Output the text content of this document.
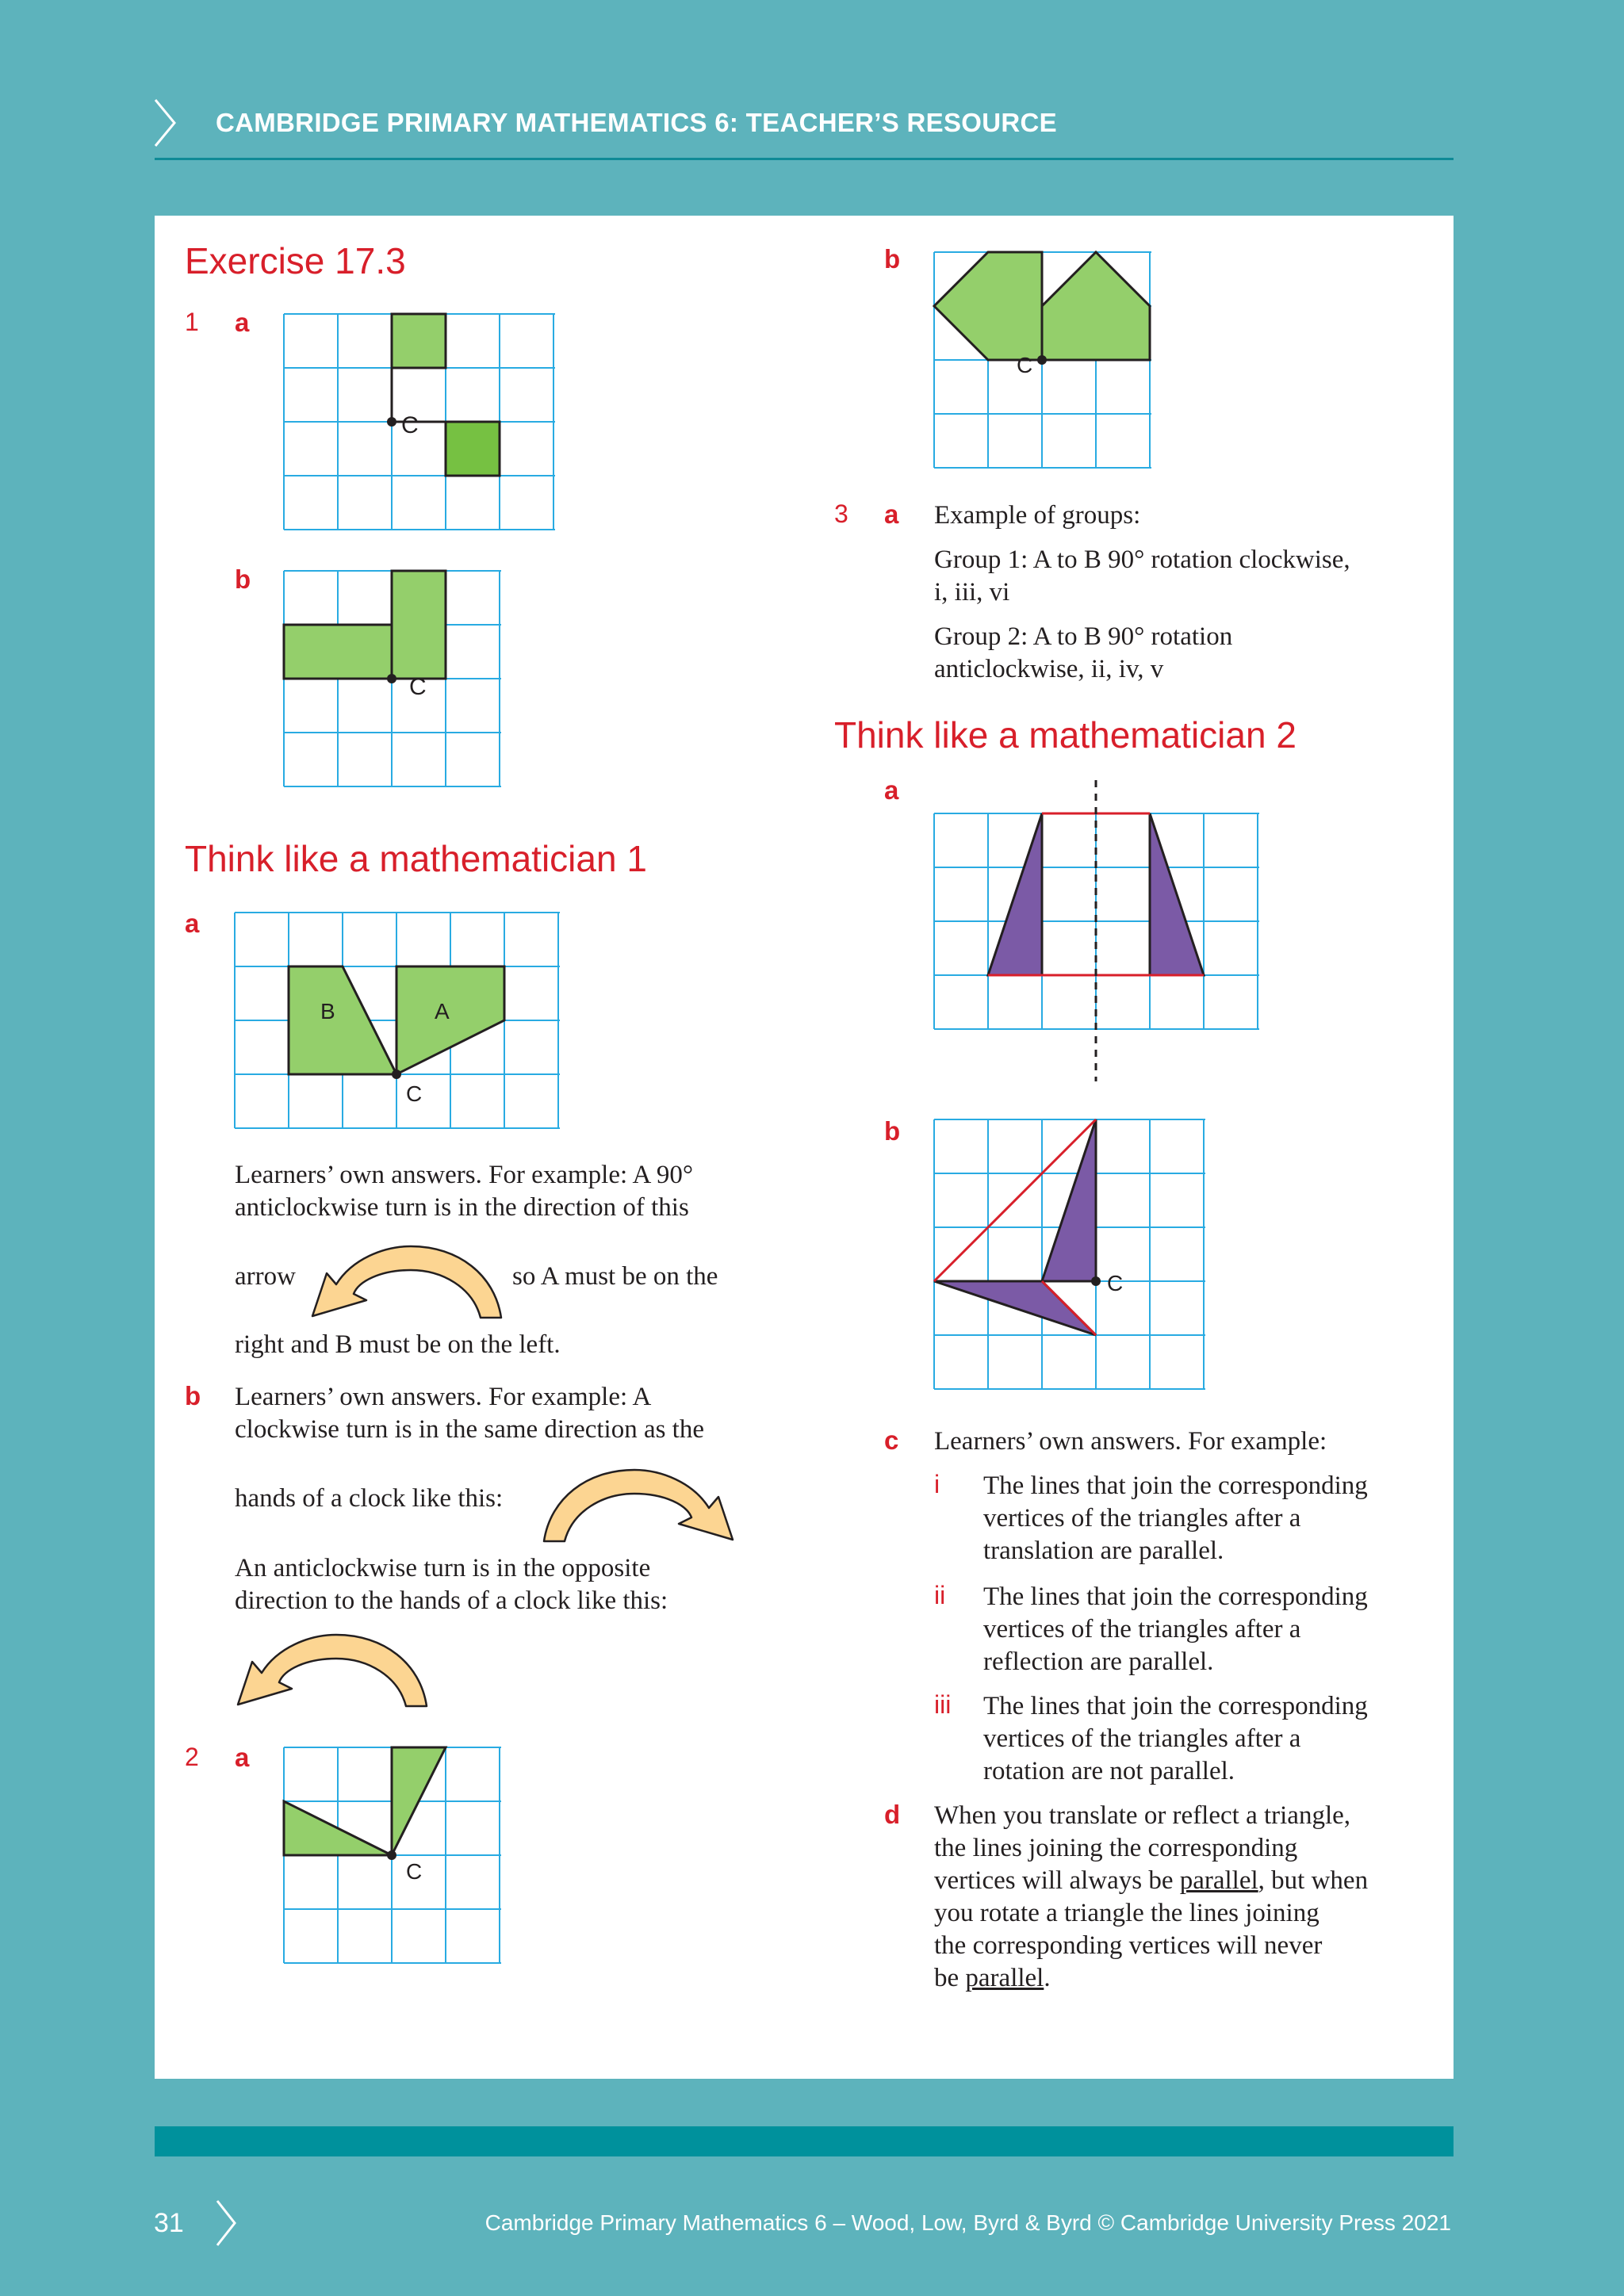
CAMBRIDGE PRIMARY MATHEMATICS 6: TEACHER’S RESOURCE
Exercise 17.3
1 a
C
b
C
Think like a mathematician 1
a
B	A
C
Learners’ own answers. For example: A 90°
anticlockwise turn is in the direction of this
arrow	so A must be on the
right and B must be on the left.
b Learners’ own answers. For example: A
clockwise turn is in the same direction as the
hands of a clock like this:
An anticlockwise turn is in the opposite
direction to the hands of a clock like this:
2 a
C
b
C
3 a Example of groups:
Group 1: A to B 90° rotation clockwise,
i, iii, vi
Group 2: A to B 90° rotation
anticlockwise, ii, iv, v
Think like a mathematician 2
a
b
C
c Learners’ own answers. For example:
i The lines that join the corresponding
vertices of the triangles after a
translation are parallel.
ii The lines that join the corresponding
vertices of the triangles after a
reflection are parallel.
iii The lines that join the corresponding
vertices of the triangles after a
rotation are not parallel.
d When you translate or reflect a triangle,
the lines joining the corresponding
vertices will always be parallel, but when
you rotate a triangle the lines joining
the corresponding vertices will never
be parallel.
31	Cambridge Primary Mathematics 6 – Wood, Low, Byrd & Byrd © Cambridge University Press 2021
